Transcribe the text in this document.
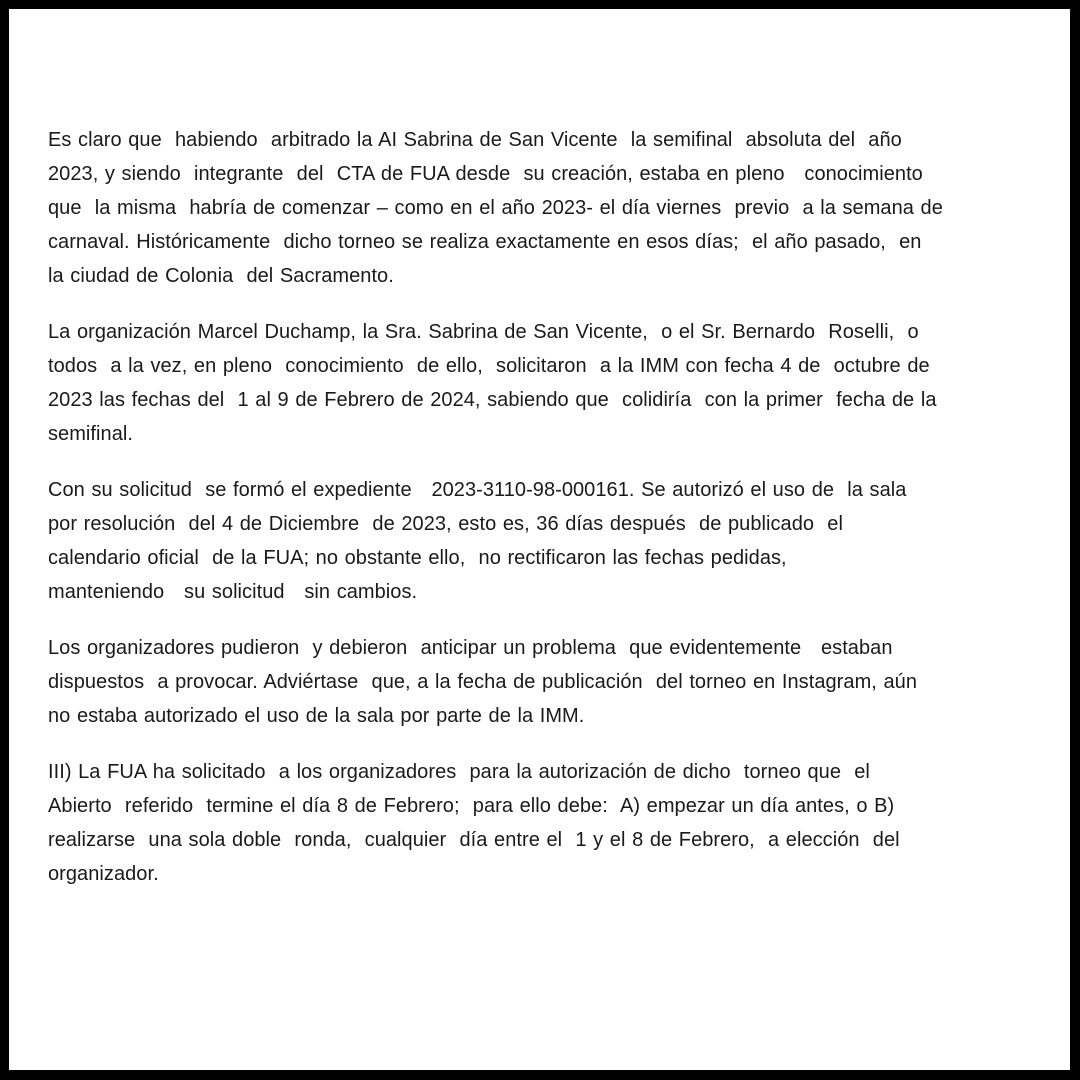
Es claro que  habiendo  arbitrado la AI Sabrina de San Vicente  la semifinal  absoluta del  año
2023, y siendo  integrante  del  CTA de FUA desde  su creación, estaba en pleno   conocimiento
que  la misma  habría de comenzar – como en el año 2023- el día viernes  previo  a la semana de
carnaval. Históricamente  dicho torneo se realiza exactamente en esos días;  el año pasado,  en
la ciudad de Colonia  del Sacramento.
La organización Marcel Duchamp, la Sra. Sabrina de San Vicente,  o el Sr. Bernardo  Roselli,  o
todos  a la vez, en pleno  conocimiento  de ello,  solicitaron  a la IMM con fecha 4 de  octubre de
2023 las fechas del  1 al 9 de Febrero de 2024, sabiendo que  colidiría  con la primer  fecha de la
semifinal.
Con su solicitud  se formó el expediente   2023-3110-98-000161. Se autorizó el uso de  la sala
por resolución  del 4 de Diciembre  de 2023, esto es, 36 días después  de publicado  el
calendario oficial  de la FUA; no obstante ello,  no rectificaron las fechas pedidas,
manteniendo   su solicitud   sin cambios.
Los organizadores pudieron  y debieron  anticipar un problema  que evidentemente   estaban
dispuestos  a provocar. Adviértase  que, a la fecha de publicación  del torneo en Instagram, aún
no estaba autorizado el uso de la sala por parte de la IMM.
III) La FUA ha solicitado  a los organizadores  para la autorización de dicho  torneo que  el
Abierto  referido  termine el día 8 de Febrero;  para ello debe:  A) empezar un día antes, o B)
realizarse  una sola doble  ronda,  cualquier  día entre el  1 y el 8 de Febrero,  a elección  del
organizador.
